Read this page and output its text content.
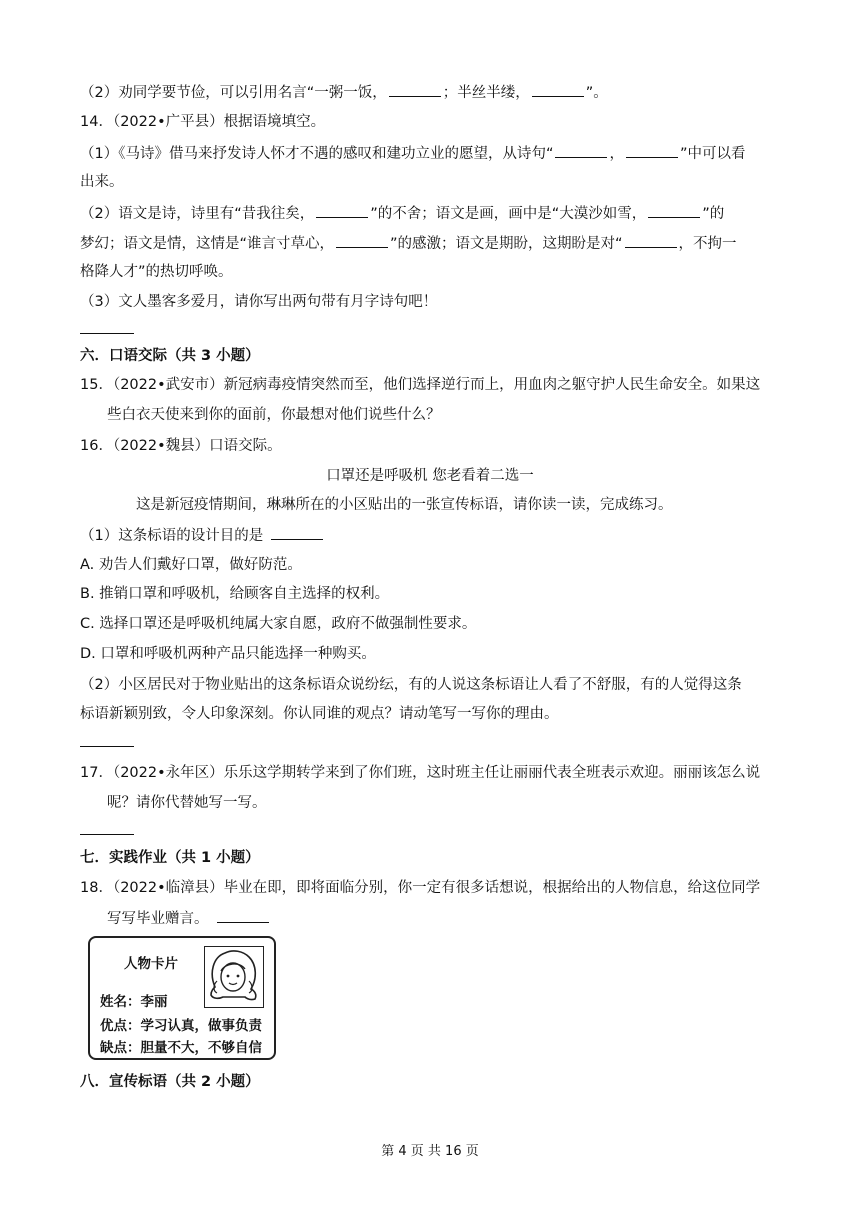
（2）劝同学要节俭，可以引用名言“一粥一饭，	；半丝半缕，	”。
14．（2022•广平县）根据语境填空。
（1）《马诗》借马来抒发诗人怀才不遇的感叹和建功立业的愿望，从诗句“	，	”中可以看
出来。
（2）语文是诗，诗里有“昔我往矣，	”的不舍；语文是画，画中是“大漠沙如雪，	”的
梦幻；语文是情，这情是“谁言寸草心，	”的感激；语文是期盼，这期盼是对“	，不拘一
格降人才”的热切呼唤。
（3）文人墨客多爱月，请你写出两句带有月字诗句吧！
六．口语交际（共 3 小题）
15．（2022•武安市）新冠病毒疫情突然而至，他们选择逆行而上，用血肉之躯守护人民生命安全。如果这
些白衣天使来到你的面前，你最想对他们说些什么？
16．（2022•魏县）口语交际。
口罩还是呼吸机 您老看着二选一
这是新冠疫情期间，琳琳所在的小区贴出的一张宣传标语，请你读一读，完成练习。
（1）这条标语的设计目的是
A. 劝告人们戴好口罩，做好防范。
B. 推销口罩和呼吸机，给顾客自主选择的权利。
C. 选择口罩还是呼吸机纯属大家自愿，政府不做强制性要求。
D. 口罩和呼吸机两种产品只能选择一种购买。
（2）小区居民对于物业贴出的这条标语众说纷纭，有的人说这条标语让人看了不舒服，有的人觉得这条
标语新颖别致，令人印象深刻。你认同谁的观点？请动笔写一写你的理由。
17．（2022•永年区）乐乐这学期转学来到了你们班，这时班主任让丽丽代表全班表示欢迎。丽丽该怎么说
呢？请你代替她写一写。
七．实践作业（共 1 小题）
18．（2022•临漳县）毕业在即，即将面临分别，你一定有很多话想说，根据给出的人物信息，给这位同学
写写毕业赠言。
人物卡片
姓名：李丽
优点：学习认真，做事负责
缺点：胆量不大，不够自信
八．宣传标语（共 2 小题）
第 4 页 共 16 页
